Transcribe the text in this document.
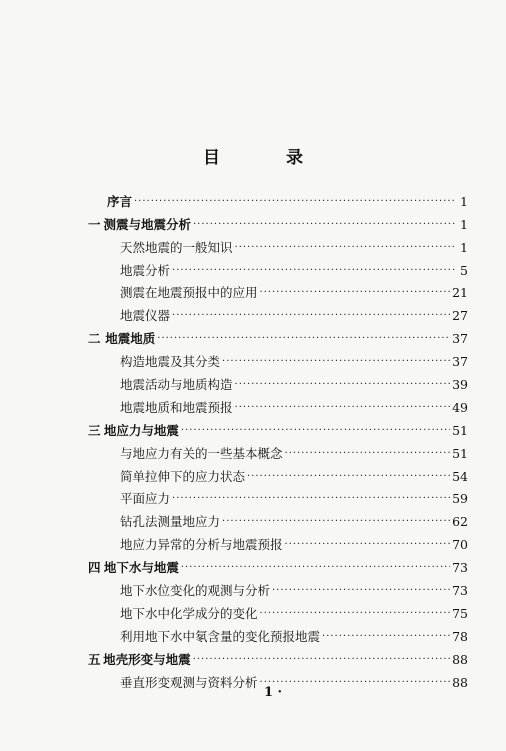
目 录
序言 ·····	1
一 测震与地震分析 ·····	1
天然地震的一般知识 ·····	1
地震分析 ·····	5
测震在地震预报中的应用 ·····	21
地震仪器 ·····	27
二 地震地质 ·····	37
构造地震及其分类 ·····	37
地震活动与地质构造 ·····	39
地震地质和地震预报 ·····	49
三 地应力与地震 ·····	51
与地应力有关的一些基本概念 ·····	51
简单拉伸下的应力状态 ·····	54
平面应力 ·····	59
钻孔法测量地应力 ·····	62
地应力异常的分析与地震预报 ·····	70
四 地下水与地震 ·····	73
地下水位变化的观测与分析 ·····	73
地下水中化学成分的变化 ·····	75
利用地下水中氡含量的变化预报地震 ·····	78
五 地壳形变与地震 ·····	88
垂直形变观测与资料分析 ·····	88
1 ·
